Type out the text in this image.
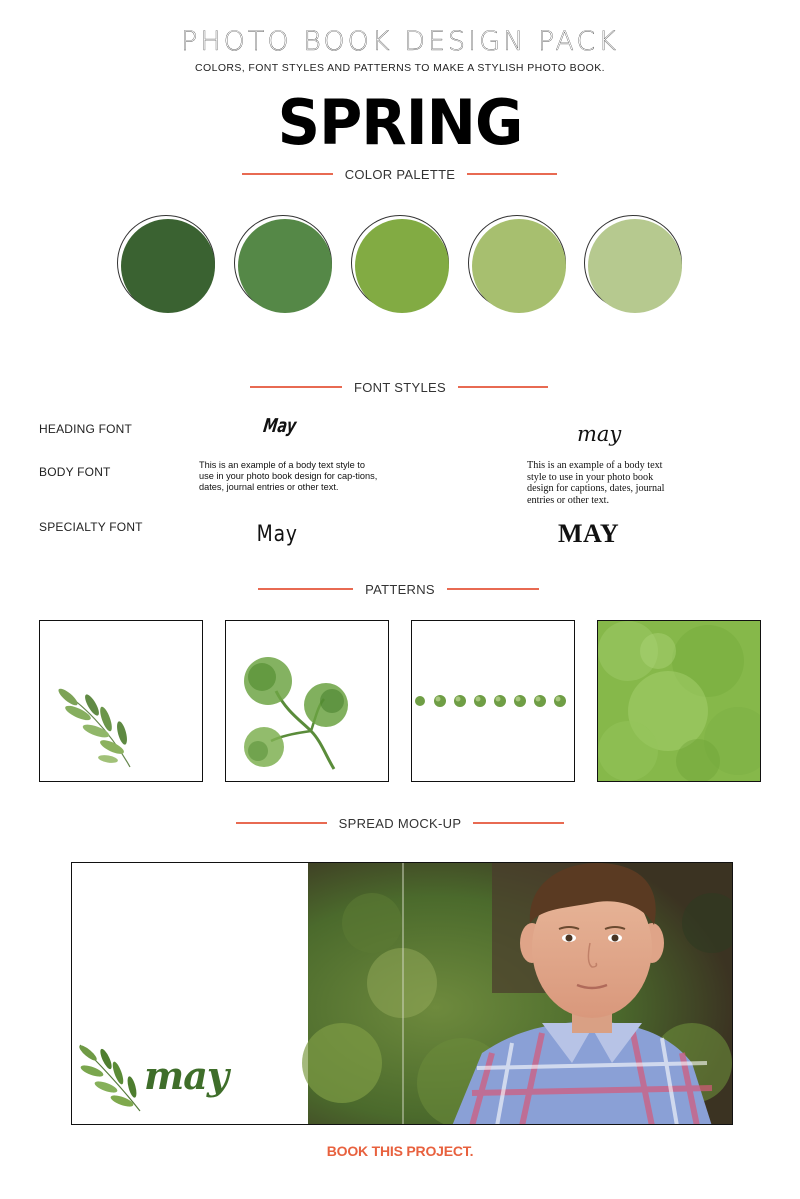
PHOTO BOOK DESIGN PACK
COLORS, FONT STYLES AND PATTERNS TO MAKE A STYLISH PHOTO BOOK.
SPRING
COLOR PALETTE
FONT STYLES
HEADING FONT
BODY FONT
SPECIALTY FONT
May	may
This is an example of a body text style to use in your photo book design for cap-tions, dates, journal entries or other text.
This is an example of a body text style to use in your photo book design for captions, dates, journal entries or other text.
May	MAY
PATTERNS
SPREAD MOCK-UP
may
BOOK THIS PROJECT.
